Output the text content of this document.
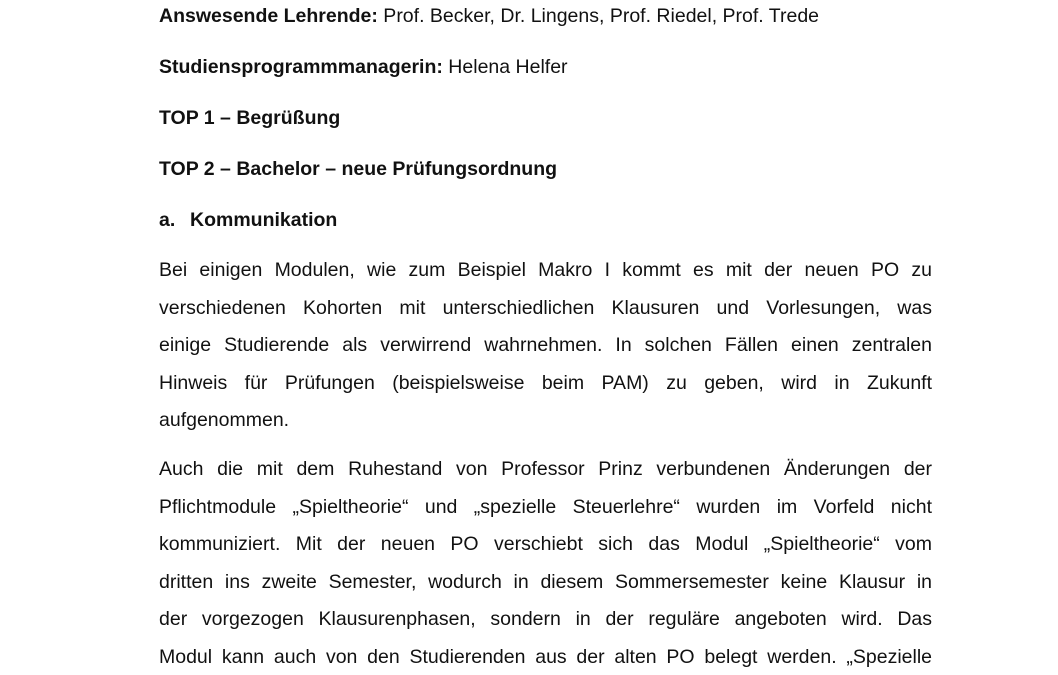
Answesende Lehrende: Prof. Becker, Dr. Lingens, Prof. Riedel, Prof. Trede
Studiensprogrammmanagerin: Helena Helfer
TOP 1 – Begrüßung
TOP 2 – Bachelor – neue Prüfungsordnung
a. Kommunikation
Bei einigen Modulen, wie zum Beispiel Makro I kommt es mit der neuen PO zu
verschiedenen Kohorten mit unterschiedlichen Klausuren und Vorlesungen, was
einige Studierende als verwirrend wahrnehmen. In solchen Fällen einen zentralen
Hinweis für Prüfungen (beispielsweise beim PAM) zu geben, wird in Zukunft
aufgenommen.
Auch die mit dem Ruhestand von Professor Prinz verbundenen Änderungen der
Pflichtmodule „Spieltheorie“ und „spezielle Steuerlehre“ wurden im Vorfeld nicht
kommuniziert. Mit der neuen PO verschiebt sich das Modul „Spieltheorie“ vom
dritten ins zweite Semester, wodurch in diesem Sommersemester keine Klausur in
der vorgezogen Klausurenphasen, sondern in der reguläre angeboten wird. Das
Modul kann auch von den Studierenden aus der alten PO belegt werden. „Spezielle
